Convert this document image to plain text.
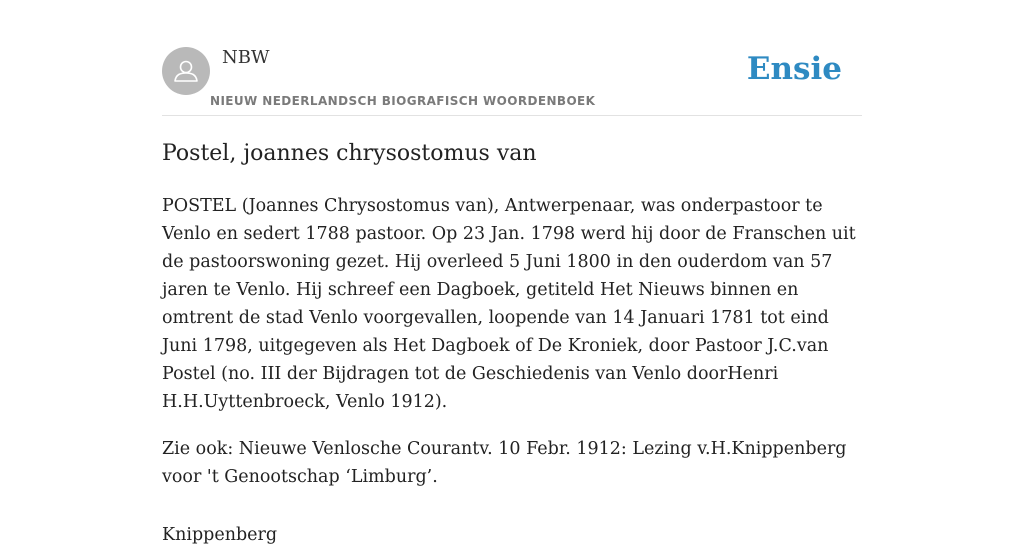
NBW
NIEUW NEDERLANDSCH BIOGRAFISCH WOORDENBOEK
Ensie
Postel, joannes chrysostomus van

POSTEL (Joannes Chrysostomus van), Antwerpenaar, was onderpastoor te Venlo en sedert 1788 pastoor. Op 23 Jan. 1798 werd hij door de Franschen uit de pastoorswoning gezet. Hij overleed 5 Juni 1800 in den ouderdom van 57 jaren te Venlo. Hij schreef een Dagboek, getiteld Het Nieuws binnen en omtrent de stad Venlo voorgevallen, loopende van 14 Januari 1781 tot eind Juni 1798, uitgegeven als Het Dagboek of De Kroniek, door Pastoor J.C.van Postel (no. III der Bijdragen tot de Geschiedenis van Venlo doorHenri H.H.Uyttenbroeck, Venlo 1912).

Zie ook: Nieuwe Venlosche Courantv. 10 Febr. 1912: Lezing v.H.Knippenberg voor 't Genootschap ‘Limburg’.

Knippenberg
